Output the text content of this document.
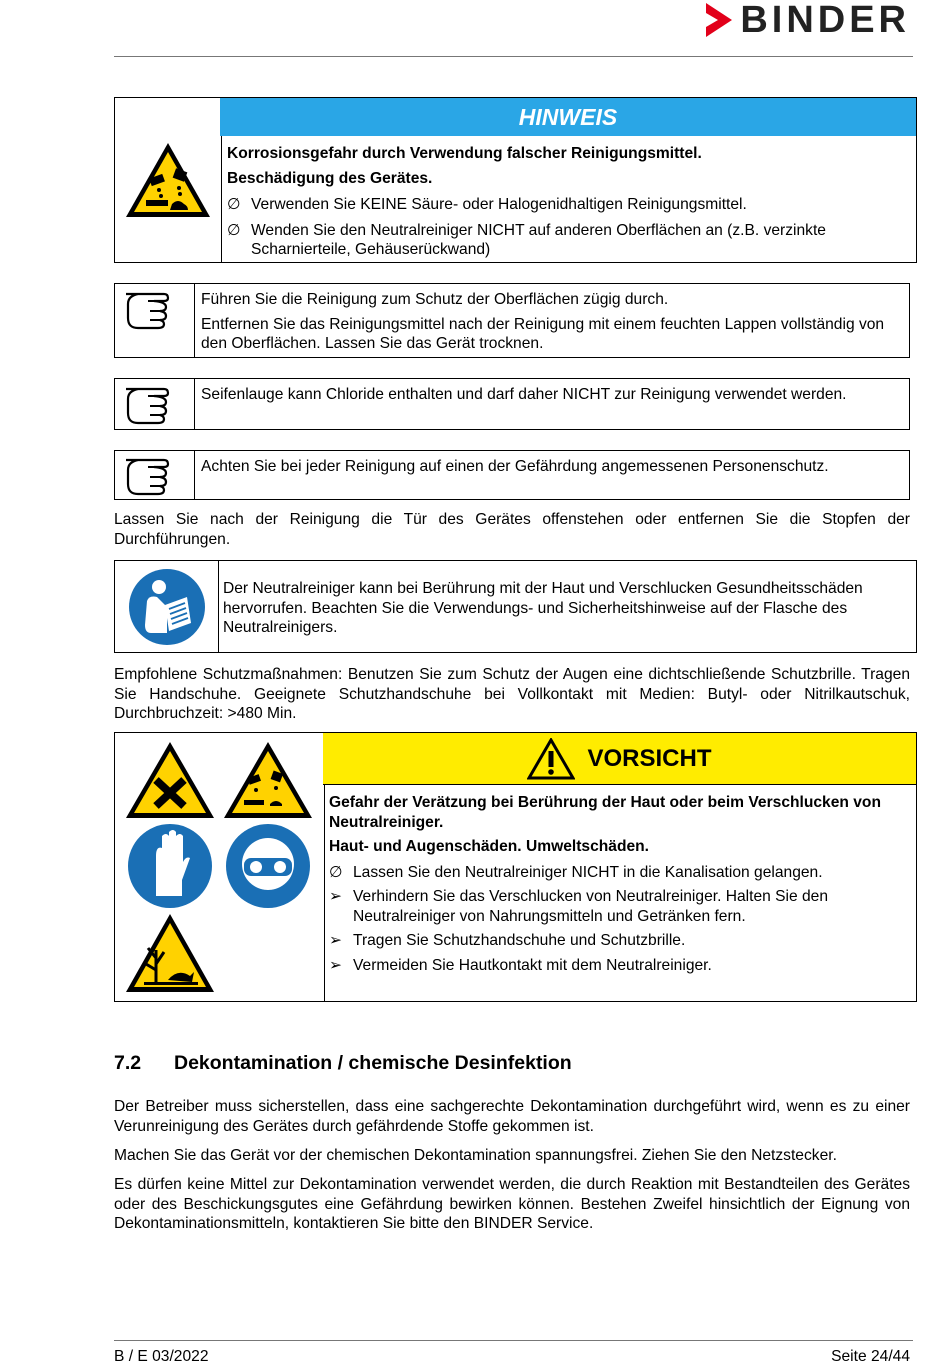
BINDER
HINWEIS
Korrosionsgefahr durch Verwendung falscher Reinigungsmittel.
Beschädigung des Gerätes.
∅ Verwenden Sie KEINE Säure- oder Halogenidhaltigen Reinigungsmittel.
∅ Wenden Sie den Neutralreiniger NICHT auf anderen Oberflächen an (z.B. verzinkte Scharnierteile, Gehäuserückwand)
Führen Sie die Reinigung zum Schutz der Oberflächen zügig durch.
Entfernen Sie das Reinigungsmittel nach der Reinigung mit einem feuchten Lappen vollständig von den Oberflächen. Lassen Sie das Gerät trocknen.
Seifenlauge kann Chloride enthalten und darf daher NICHT zur Reinigung verwendet werden.
Achten Sie bei jeder Reinigung auf einen der Gefährdung angemessenen Personenschutz.
Lassen Sie nach der Reinigung die Tür des Gerätes offenstehen oder entfernen Sie die Stopfen der Durchführungen.
Der Neutralreiniger kann bei Berührung mit der Haut und Verschlucken Gesundheitsschäden hervorrufen. Beachten Sie die Verwendungs- und Sicherheitshinweise auf der Flasche des Neutralreinigers.
Empfohlene Schutzmaßnahmen: Benutzen Sie zum Schutz der Augen eine dichtschließende Schutzbrille. Tragen Sie Handschuhe. Geeignete Schutzhandschuhe bei Vollkontakt mit Medien: Butyl- oder Nitrilkautschuk, Durchbruchzeit: >480 Min.
VORSICHT
Gefahr der Verätzung bei Berührung der Haut oder beim Verschlucken von Neutralreiniger.
Haut- und Augenschäden. Umweltschäden.
∅ Lassen Sie den Neutralreiniger NICHT in die Kanalisation gelangen.
➢ Verhindern Sie das Verschlucken von Neutralreiniger. Halten Sie den Neutralreiniger von Nahrungsmitteln und Getränken fern.
➢ Tragen Sie Schutzhandschuhe und Schutzbrille.
➢ Vermeiden Sie Hautkontakt mit dem Neutralreiniger.
7.2 Dekontamination / chemische Desinfektion
Der Betreiber muss sicherstellen, dass eine sachgerechte Dekontamination durchgeführt wird, wenn es zu einer Verunreinigung des Gerätes durch gefährdende Stoffe gekommen ist.
Machen Sie das Gerät vor der chemischen Dekontamination spannungsfrei. Ziehen Sie den Netzstecker.
Es dürfen keine Mittel zur Dekontamination verwendet werden, die durch Reaktion mit Bestandteilen des Gerätes oder des Beschickungsgutes eine Gefährdung bewirken können. Bestehen Zweifel hinsichtlich der Eignung von Dekontaminationsmitteln, kontaktieren Sie bitte den BINDER Service.
B / E 03/2022	Seite 24/44
